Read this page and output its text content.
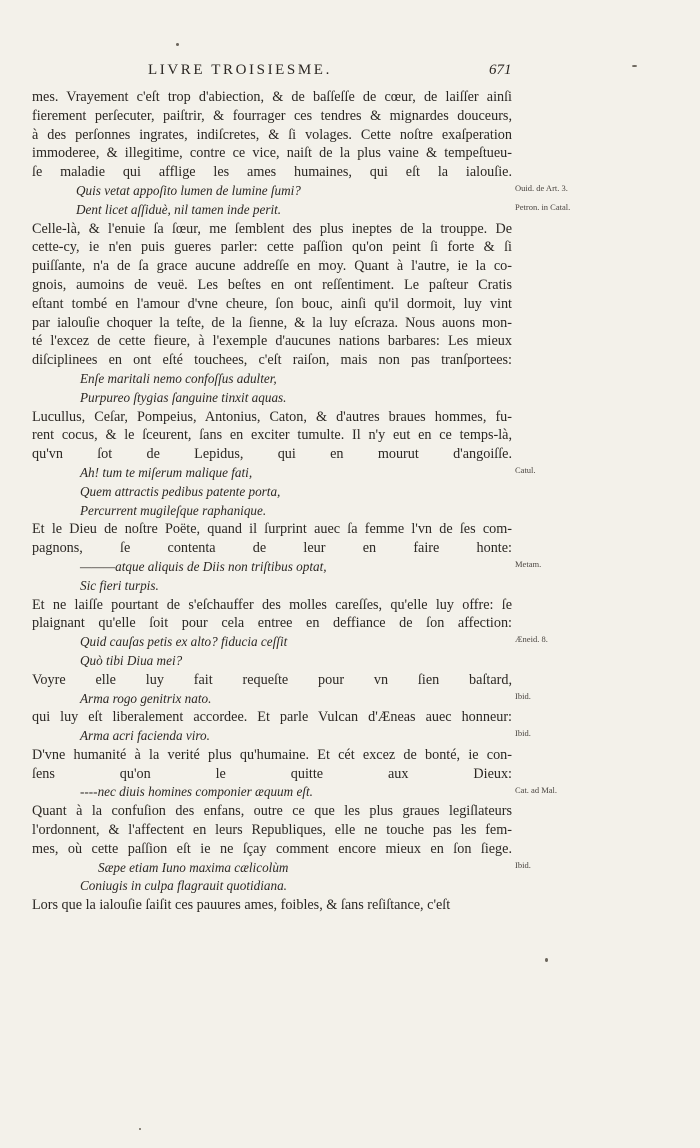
LIVRE TROISIESME.	671
mes. Vrayement c'eſt trop d'abiection, & de baſſeſſe de cœur, de laiſſer ainſi
fierement perſecuter, paiſtrir, & fourrager ces tendres & mignardes douceurs,
à des perſonnes ingrates, indiſcretes, & ſi volages. Cette noſtre exaſperation
immoderee, & illegitime, contre ce vice, naiſt de la plus vaine & tempeſtueu-
ſe maladie qui afflige les ames humaines, qui eſt la ialouſie.
Quis vetat appoſito lumen de lumine ſumi?
Dent licet aſſiduè, nil tamen inde perit.
Celle-là, & l'enuie ſa ſœur, me ſemblent des plus ineptes de la trouppe. De
cette-cy, ie n'en puis gueres parler: cette paſſion qu'on peint ſi forte & ſi
puiſſante, n'a de ſa grace aucune addreſſe en moy. Quant à l'autre, ie la co-
gnois, aumoins de veuë. Les beſtes en ont reſſentiment. Le paſteur Cratis
eſtant tombé en l'amour d'vne cheure, ſon bouc, ainſi qu'il dormoit, luy vint
par ialouſie choquer la teſte, de la ſienne, & la luy eſcraza. Nous auons mon-
té l'excez de cette fieure, à l'exemple d'aucunes nations barbares: Les mieux
diſciplinees en ont eſté touchees, c'eſt raiſon, mais non pas tranſportees:
Enſe maritali nemo confoſſus adulter,
Purpureo ſtygias ſanguine tinxit aquas.
Lucullus, Ceſar, Pompeius, Antonius, Caton, & d'autres braues hommes, fu-
rent cocus, & le ſceurent, ſans en exciter tumulte. Il n'y eut en ce temps-là,
qu'vn ſot de Lepidus, qui en mourut d'angoiſſe.
Ah! tum te miſerum maliquе fati,
Quem attractis pedibus patente porta,
Percurrent mugileſque raphanique.
Et le Dieu de noſtre Poëte, quand il ſurprint auec ſa femme l'vn de ſes com-
pagnons, ſe contenta de leur en faire honte:
———atque aliquis de Diis non triſtibus optat,
Sic fieri turpis.
Et ne laiſſe pourtant de s'eſchauffer des molles careſſes, qu'elle luy offre: ſe
plaignant qu'elle ſoit pour cela entree en deffiance de ſon affection:
Quid cauſas petis ex alto? fiducia ceſſit
Quò tibi Diua mei?
Voyre elle luy fait requeſte pour vn ſien baſtard,
Arma rogo genitrix nato.
qui luy eſt liberalement accordee. Et parle Vulcan d'Æneas auec honneur:
Arma acri facienda viro.
D'vne humanité à la verité plus qu'humaine. Et cét excez de bonté, ie con-
ſens qu'on le quitte aux Dieux:
----nec diuis homines componier æquum eſt.
Quant à la confuſion des enfans, outre ce que les plus graues legiſlateurs
l'ordonnent, & l'affectent en leurs Republiques, elle ne touche pas les fem-
mes, où cette paſſion eſt ie ne ſçay comment encore mieux en ſon ſiege.
Sæpe etiam Iuno maxima cælicolùm
Coniugis in culpa flagrauit quotidiana.
Lors que la ialouſie ſaiſit ces pauures ames, foibles, & ſans reſiſtance, c'eſt
Ouid. de Art. 3.
Petron. in Catal.
Catul.
Metam.
Æneid. 8.
Ibid.
Ibid.
Cat. ad Mal.
Ibid.
